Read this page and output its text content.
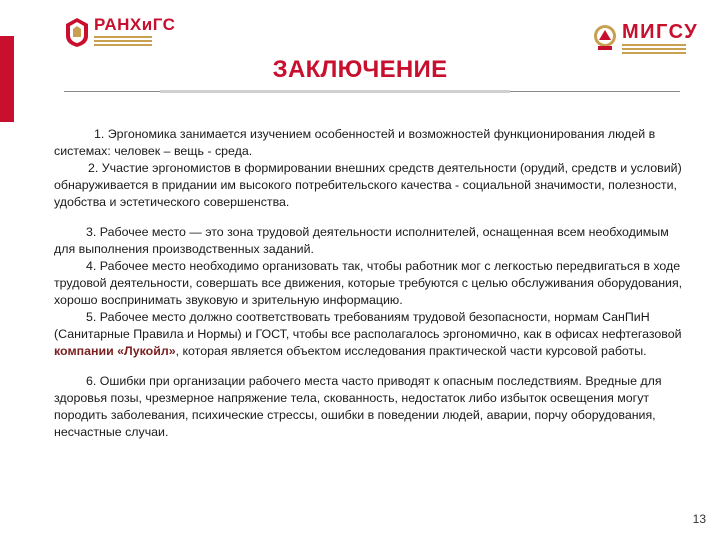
РАНХиГС	МИГСУ
ЗАКЛЮЧЕНИЕ

1. Эргономика занимается изучением особенностей и возможностей функционирования людей в системах: человек – вещь - среда.

2. Участие эргономистов в формировании внешних средств деятельности (орудий, средств и условий) обнаруживается в придании им высокого потребительского качества - социальной значимости, полезности, удобства и эстетического совершенства.

3. Рабочее место — это зона трудовой деятельности исполнителей, оснащенная всем необходимым для выполнения производственных заданий.

4. Рабочее место необходимо организовать так, чтобы работник мог с легкостью передвигаться в ходе трудовой деятельности, совершать все движения, которые требуются с целью обслуживания оборудования, хорошо воспринимать звуковую и зрительную информацию.

5. Рабочее место должно соответствовать требованиям трудовой безопасности, нормам СанПиН (Санитарные Правила и Нормы) и ГОСТ, чтобы все располагалось эргономично, как в офисах нефтегазовой компании «Лукойл», которая является объектом исследования практической части курсовой работы.

6. Ошибки при организации рабочего места часто приводят к опасным последствиям. Вредные для здоровья позы, чрезмерное напряжение тела, скованность, недостаток либо избыток освещения могут породить заболевания, психические стрессы, ошибки в поведении людей, аварии, порчу оборудования, несчастные случаи.

13
